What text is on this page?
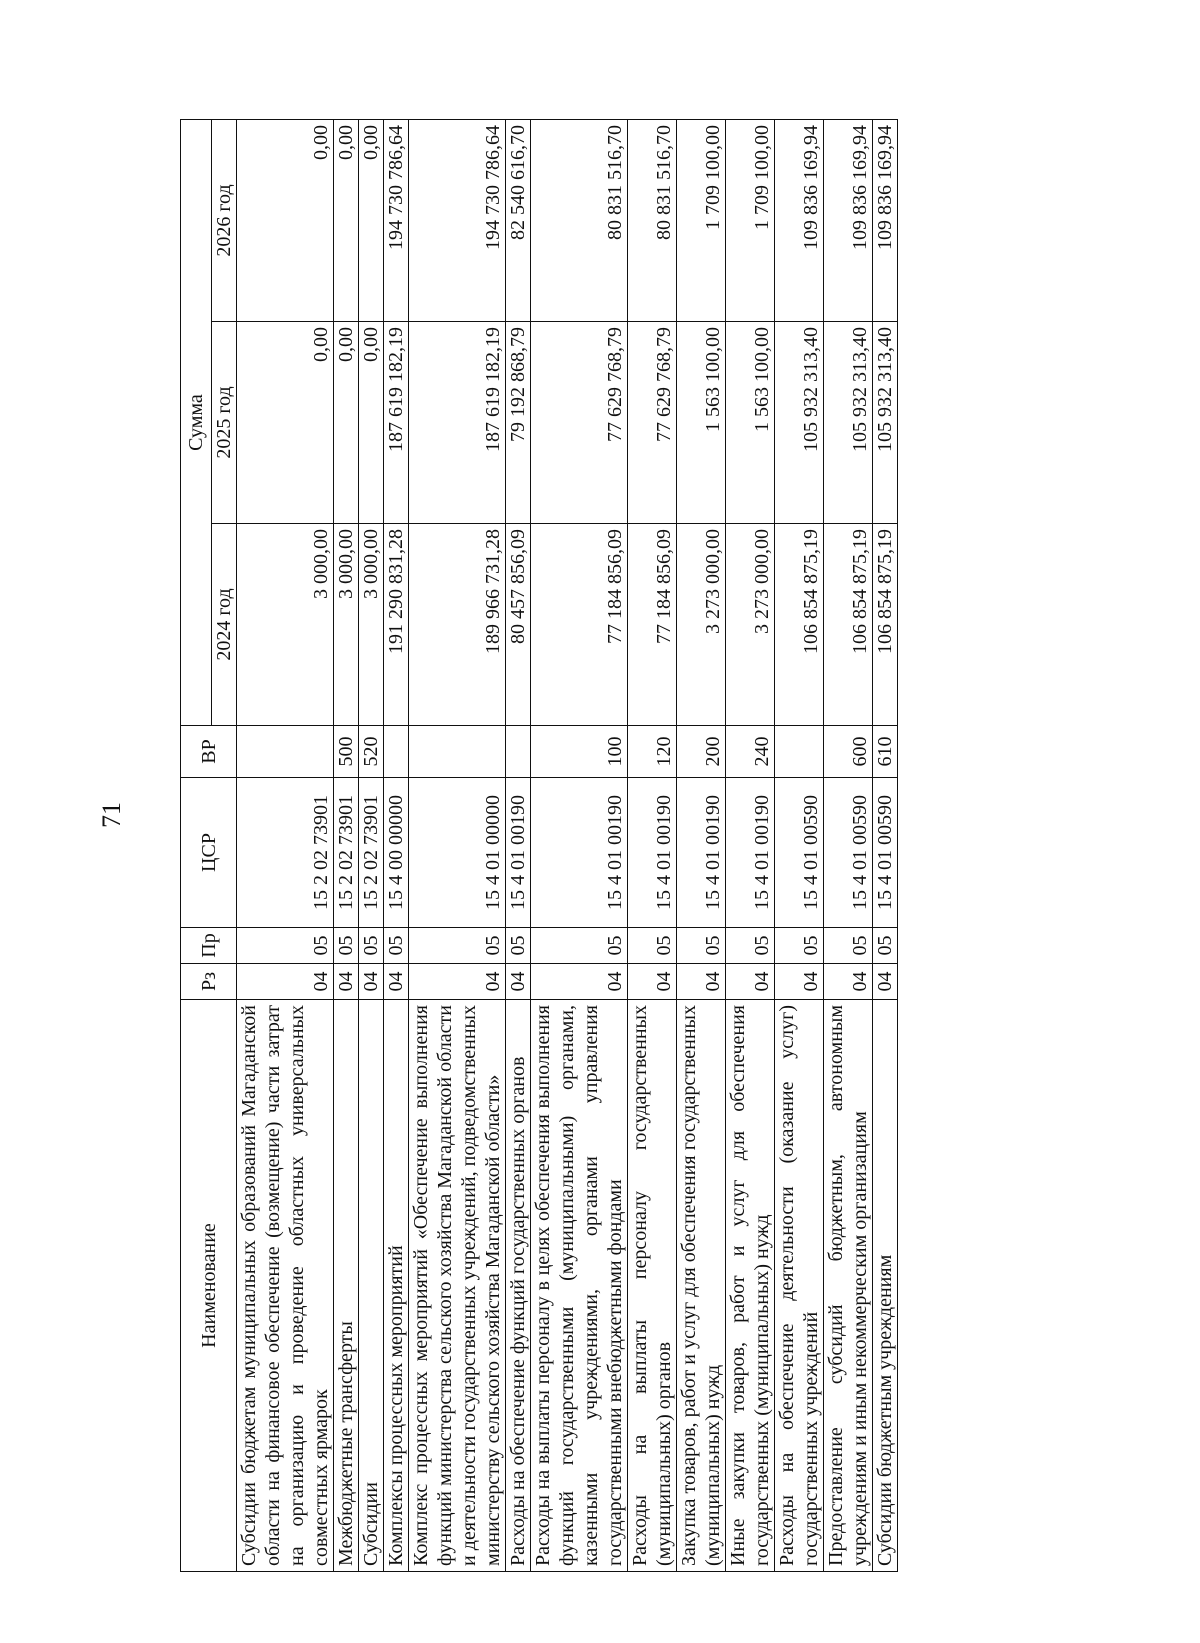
71
Наименование	Рз	Пр	ЦСР	ВР	Сумма		
					2024 год	2025 год	2026 год
Субсидии бюджетам муниципальных образований Магаданской области на финансовое обеспечение (возмещение) части затрат на организацию и проведение областных универсальных совместных ярмарок	04	05	15 2 02 73901		3 000,00	0,00	0,00
Межбюджетные трансферты	04	05	15 2 02 73901	500	3 000,00	0,00	0,00
Субсидии	04	05	15 2 02 73901	520	3 000,00	0,00	0,00
Комплексы процессных мероприятий	04	05	15 4 00 00000		191 290 831,28	187 619 182,19	194 730 786,64
Комплекс процессных мероприятий «Обеспечение выполнения функций министерства сельского хозяйства Магаданской области и деятельности государственных учреждений, подведомственных министерству сельского хозяйства Магаданской области»	04	05	15 4 01 00000		189 966 731,28	187 619 182,19	194 730 786,64
Расходы на обеспечение функций государственных органов	04	05	15 4 01 00190		80 457 856,09	79 192 868,79	82 540 616,70
Расходы на выплаты персоналу в целях обеспечения выполнения функций государственными (муниципальными) органами, казенными учреждениями, органами управления государственными внебюджетными фондами	04	05	15 4 01 00190	100	77 184 856,09	77 629 768,79	80 831 516,70
Расходы на выплаты персоналу государственных (муниципальных) органов	04	05	15 4 01 00190	120	77 184 856,09	77 629 768,79	80 831 516,70
Закупка товаров, работ и услуг для обеспечения государственных (муниципальных) нужд	04	05	15 4 01 00190	200	3 273 000,00	1 563 100,00	1 709 100,00
Иные закупки товаров, работ и услуг для обеспечения государственных (муниципальных) нужд	04	05	15 4 01 00190	240	3 273 000,00	1 563 100,00	1 709 100,00
Расходы на обеспечение деятельности (оказание услуг) государственных учреждений	04	05	15 4 01 00590		106 854 875,19	105 932 313,40	109 836 169,94
Предоставление субсидий бюджетным, автономным учреждениям и иным некоммерческим организациям	04	05	15 4 01 00590	600	106 854 875,19	105 932 313,40	109 836 169,94
Субсидии бюджетным учреждениям	04	05	15 4 01 00590	610	106 854 875,19	105 932 313,40	109 836 169,94
